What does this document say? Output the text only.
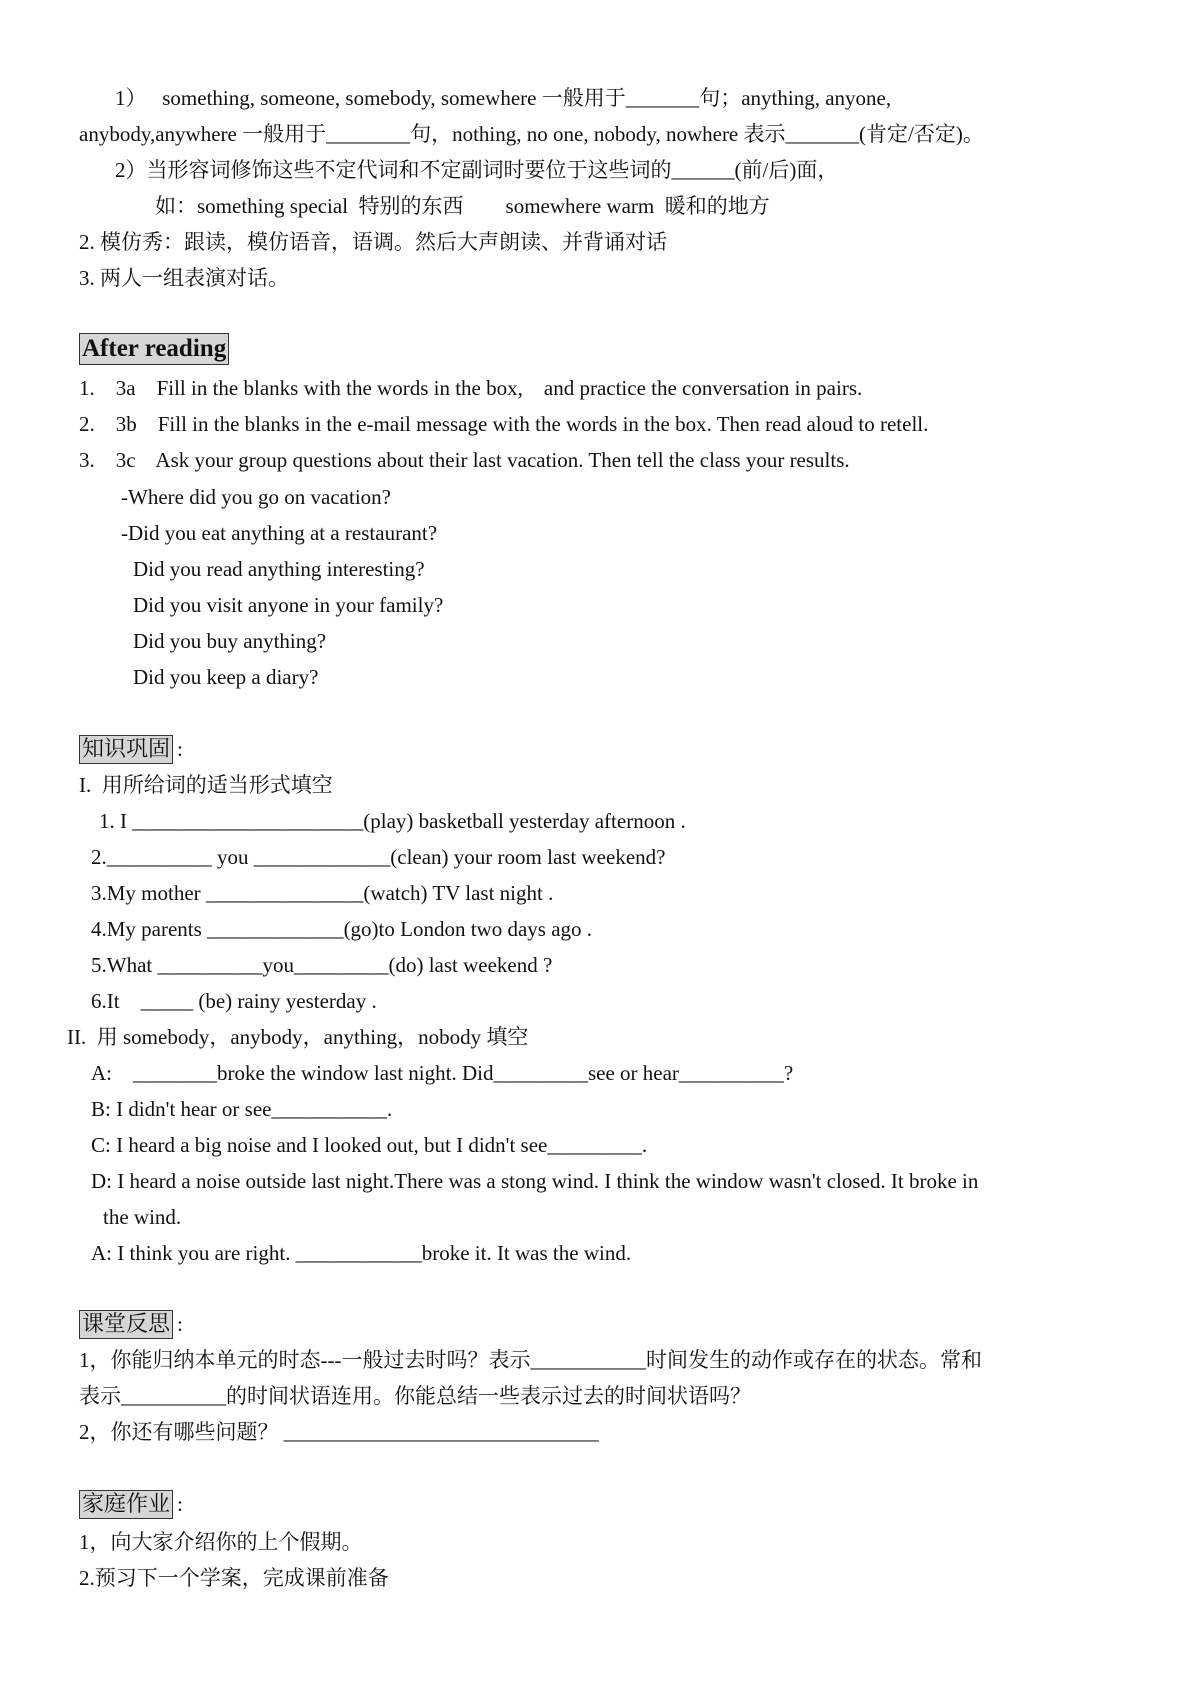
1）   something, someone, somebody, somewhere 一般用于_______句；anything, anyone,
anybody,anywhere 一般用于________句，nothing, no one, nobody, nowhere 表示_______(肯定/否定)。
2）当形容词修饰这些不定代词和不定副词时要位于这些词的______(前/后)面，
如：something special  特别的东西        somewhere warm  暖和的地方
2. 模仿秀：跟读，模仿语音，语调。然后大声朗读、并背诵对话
3. 两人一组表演对话。
After reading
1.    3a    Fill in the blanks with the words in the box,    and practice the conversation in pairs.
2.    3b    Fill in the blanks in the e-mail message with the words in the box. Then read aloud to retell.
3.    3c    Ask your group questions about their last vacation. Then tell the class your results.
-Where did you go on vacation?
-Did you eat anything at a restaurant?
Did you read anything interesting?
Did you visit anyone in your family?
Did you buy anything?
Did you keep a diary?
知识巩固 :
I.  用所给词的适当形式填空
1. I ______________________(play) basketball yesterday afternoon .
2.__________ you _____________(clean) your room last weekend?
3.My mother _______________(watch) TV last night .
4.My parents _____________(go)to London two days ago .
5.What __________you_________(do) last weekend ?
6.It    _____ (be) rainy yesterday .
II.  用 somebody，anybody，anything，nobody 填空
A:    ________broke the window last night. Did_________see or hear__________?
B: I didn't hear or see___________.
C: I heard a big noise and I looked out, but I didn't see_________.
D: I heard a noise outside last night.There was a stong wind. I think the window wasn't closed. It broke in
the wind.
A: I think you are right. ____________broke it. It was the wind.
课堂反思 :
1，你能归纳本单元的时态---一般过去时吗？表示___________时间发生的动作或存在的状态。常和
表示__________的时间状语连用。你能总结一些表示过去的时间状语吗？
2，你还有哪些问题？ ______________________________
家庭作业 :
1，向大家介绍你的上个假期。
2.预习下一个学案，完成课前准备
